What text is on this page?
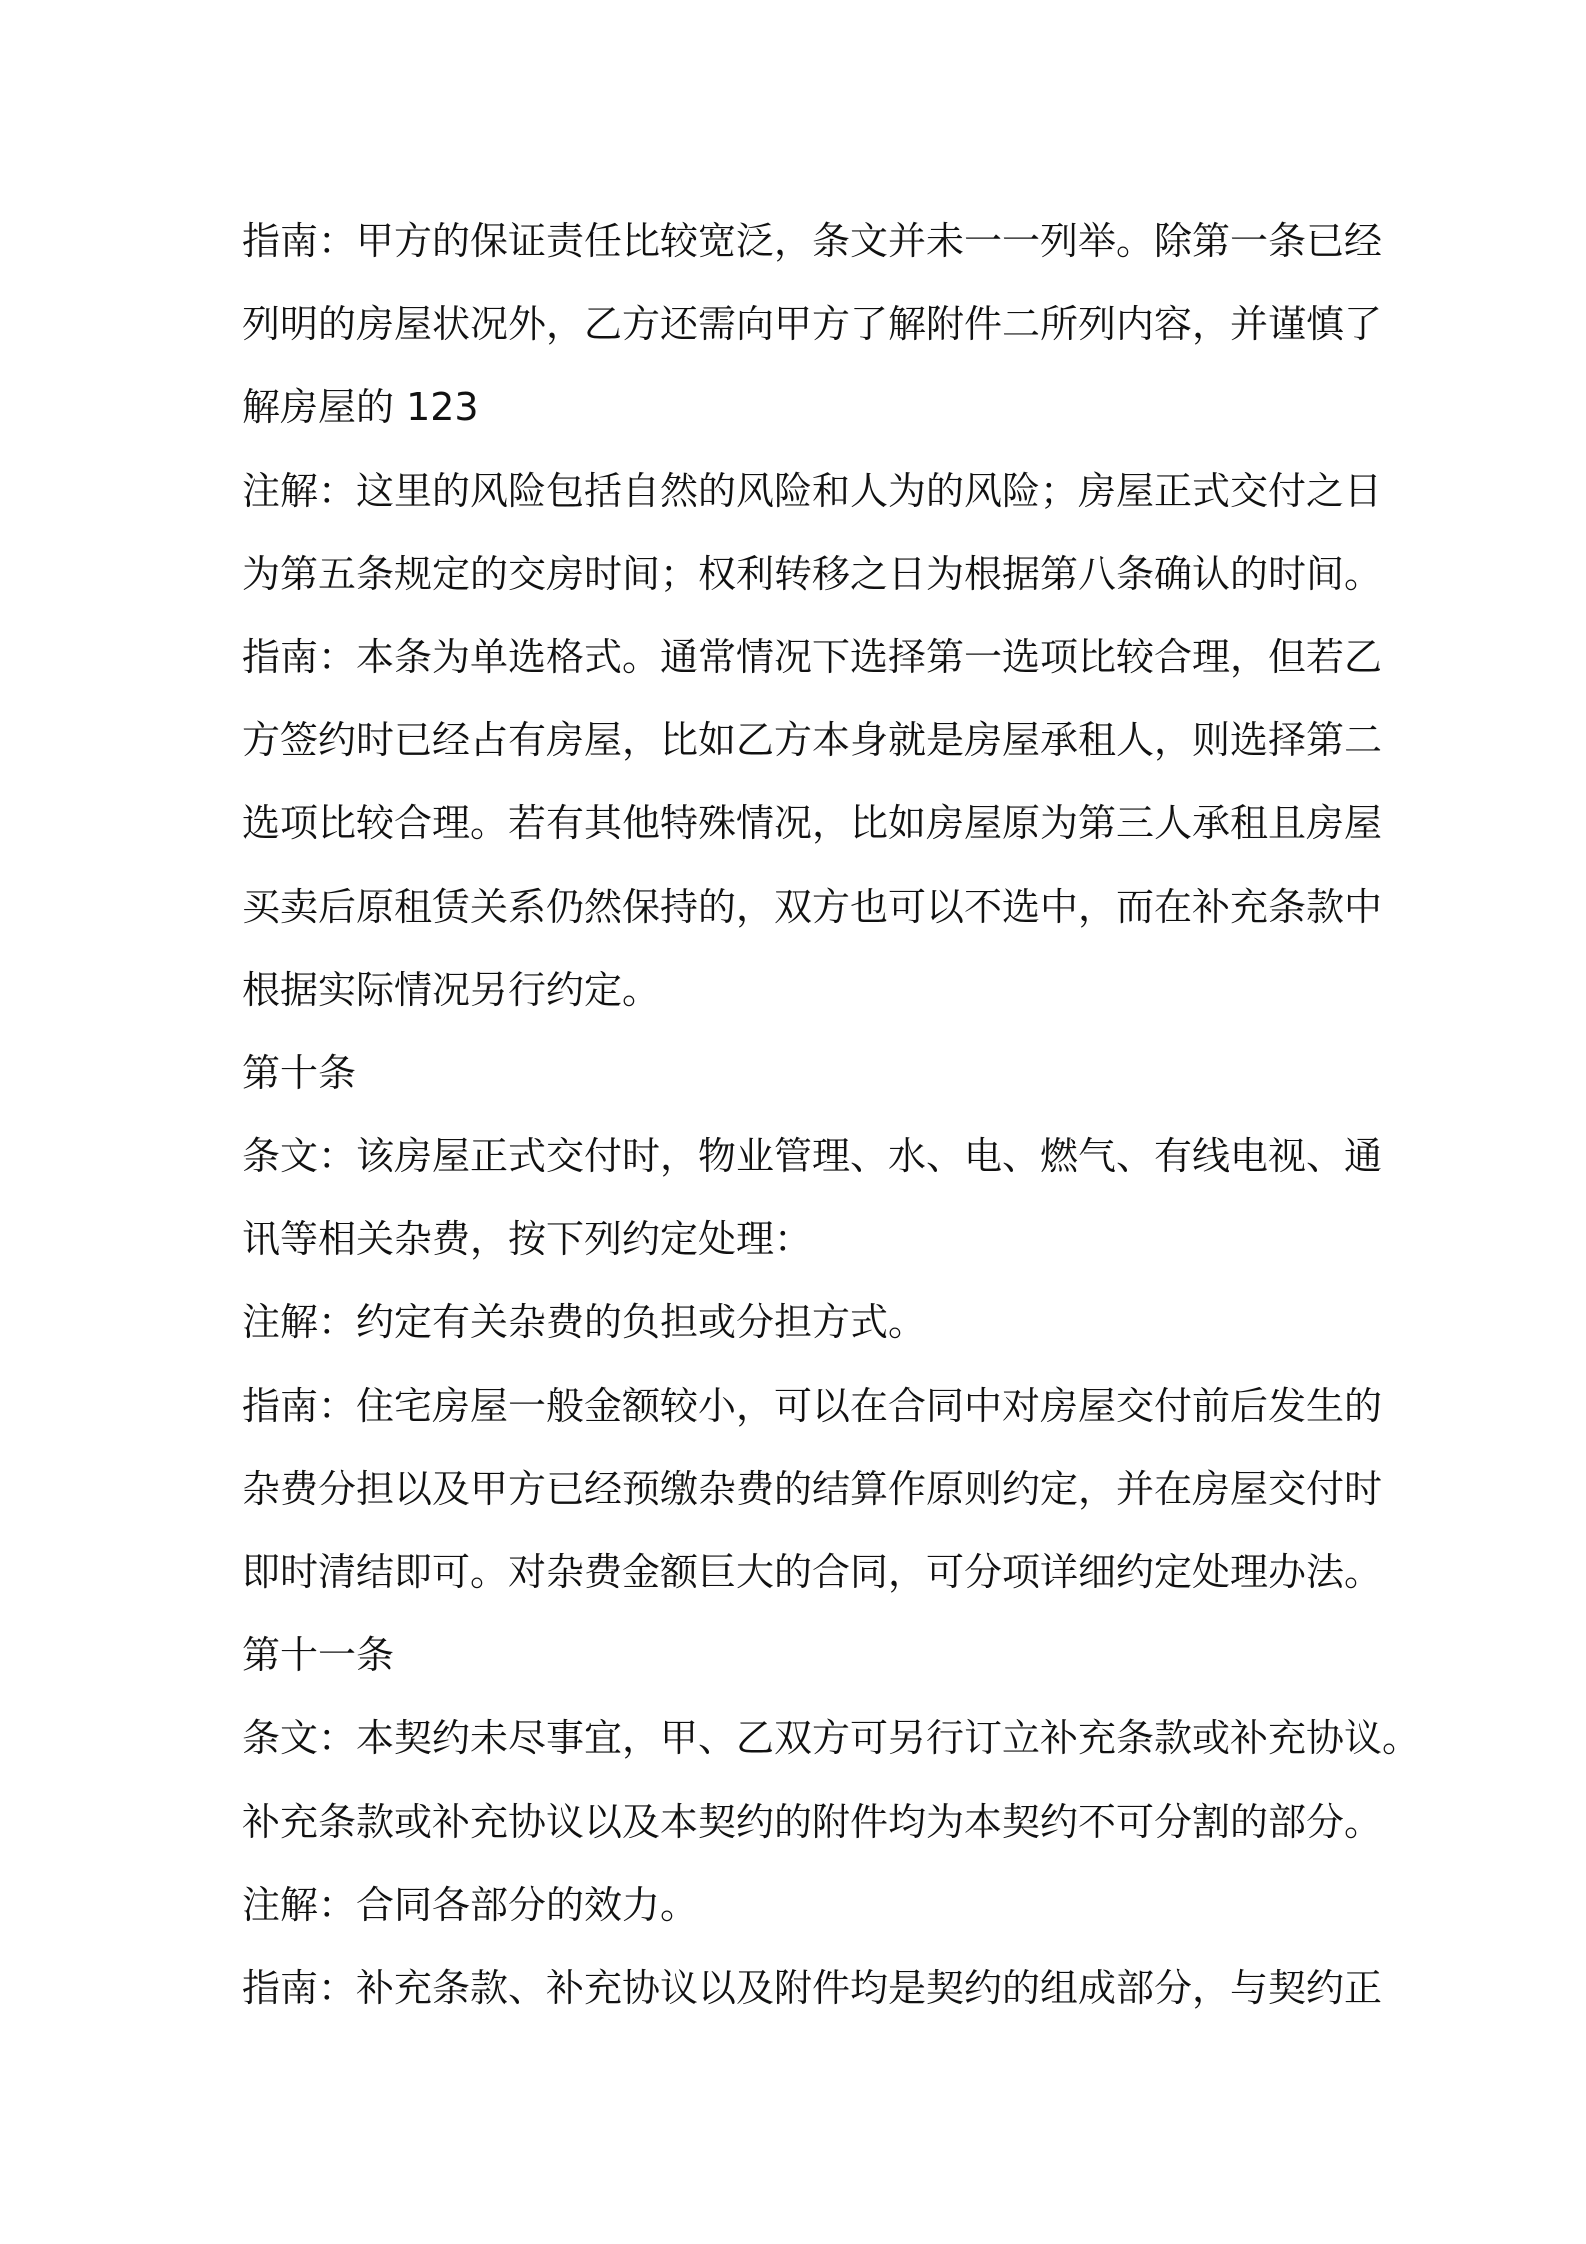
指南：甲方的保证责任比较宽泛，条文并未一一列举。除第一条已经
列明的房屋状况外，乙方还需向甲方了解附件二所列内容，并谨慎了
解房屋的 123
注解：这里的风险包括自然的风险和人为的风险；房屋正式交付之日
为第五条规定的交房时间；权利转移之日为根据第八条确认的时间。
指南：本条为单选格式。通常情况下选择第一选项比较合理，但若乙
方签约时已经占有房屋，比如乙方本身就是房屋承租人，则选择第二
选项比较合理。若有其他特殊情况，比如房屋原为第三人承租且房屋
买卖后原租赁关系仍然保持的，双方也可以不选中，而在补充条款中
根据实际情况另行约定。
第十条
条文：该房屋正式交付时，物业管理、水、电、燃气、有线电视、通
讯等相关杂费，按下列约定处理：
注解：约定有关杂费的负担或分担方式。
指南：住宅房屋一般金额较小，可以在合同中对房屋交付前后发生的
杂费分担以及甲方已经预缴杂费的结算作原则约定，并在房屋交付时
即时清结即可。对杂费金额巨大的合同，可分项详细约定处理办法。
第十一条
条文：本契约未尽事宜，甲、乙双方可另行订立补充条款或补充协议。
补充条款或补充协议以及本契约的附件均为本契约不可分割的部分。
注解：合同各部分的效力。
指南：补充条款、补充协议以及附件均是契约的组成部分，与契约正
